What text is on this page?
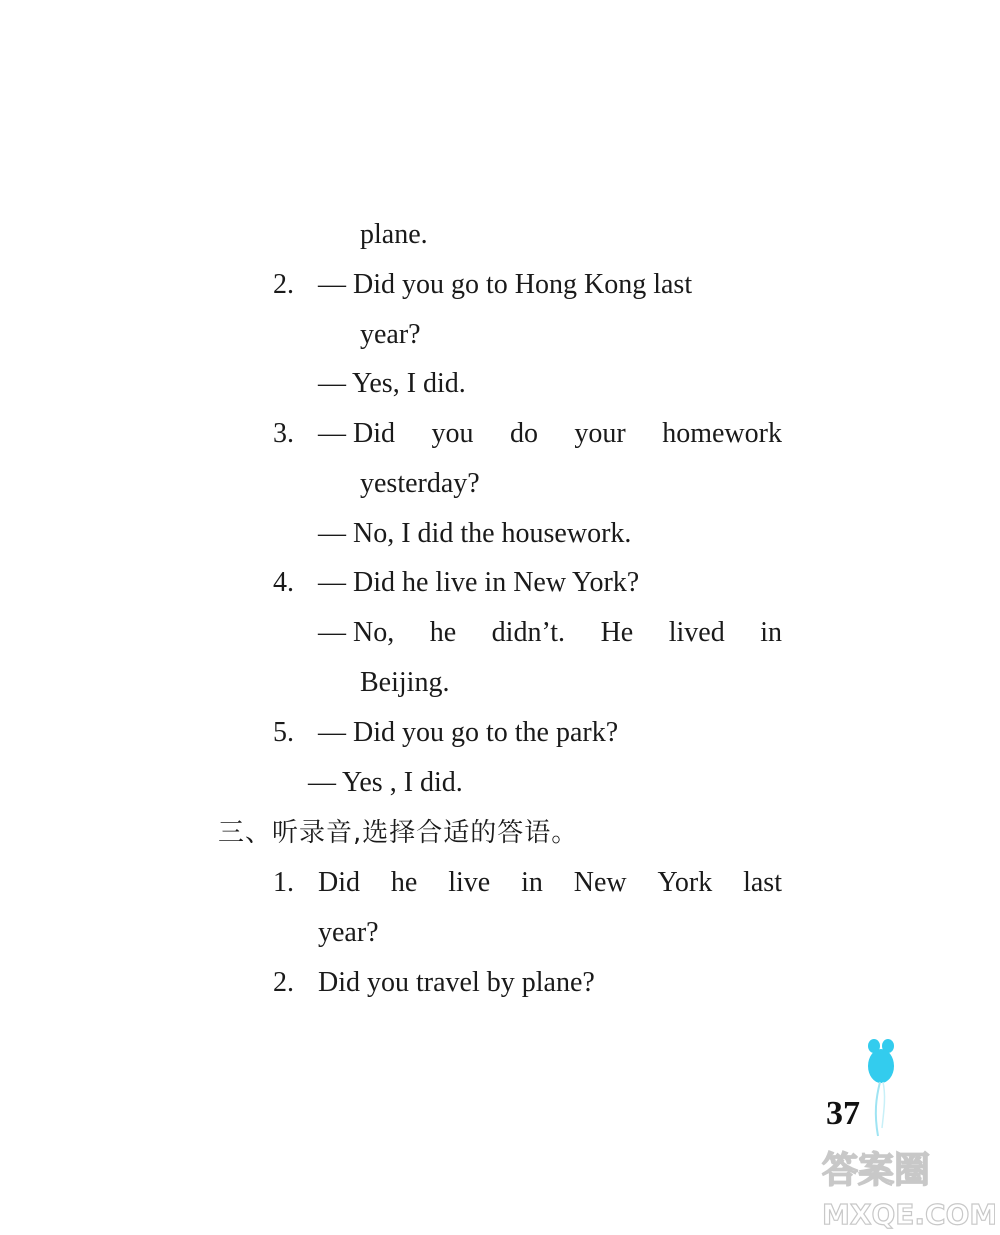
plane.
2. — Did you go to Hong Kong last
year?
— Yes, I did.
3. — Did you do your homework
yesterday?
— No, I did the housework.
4. — Did he live in New York?
— No, he didn’t. He lived in
Beijing.
5. — Did you go to the park?
— Yes , I did.
三、听录音,选择合适的答语。
1. Did he live in New York last
year?
2. Did you travel by plane?
37
答案圈
MXQE.COM
